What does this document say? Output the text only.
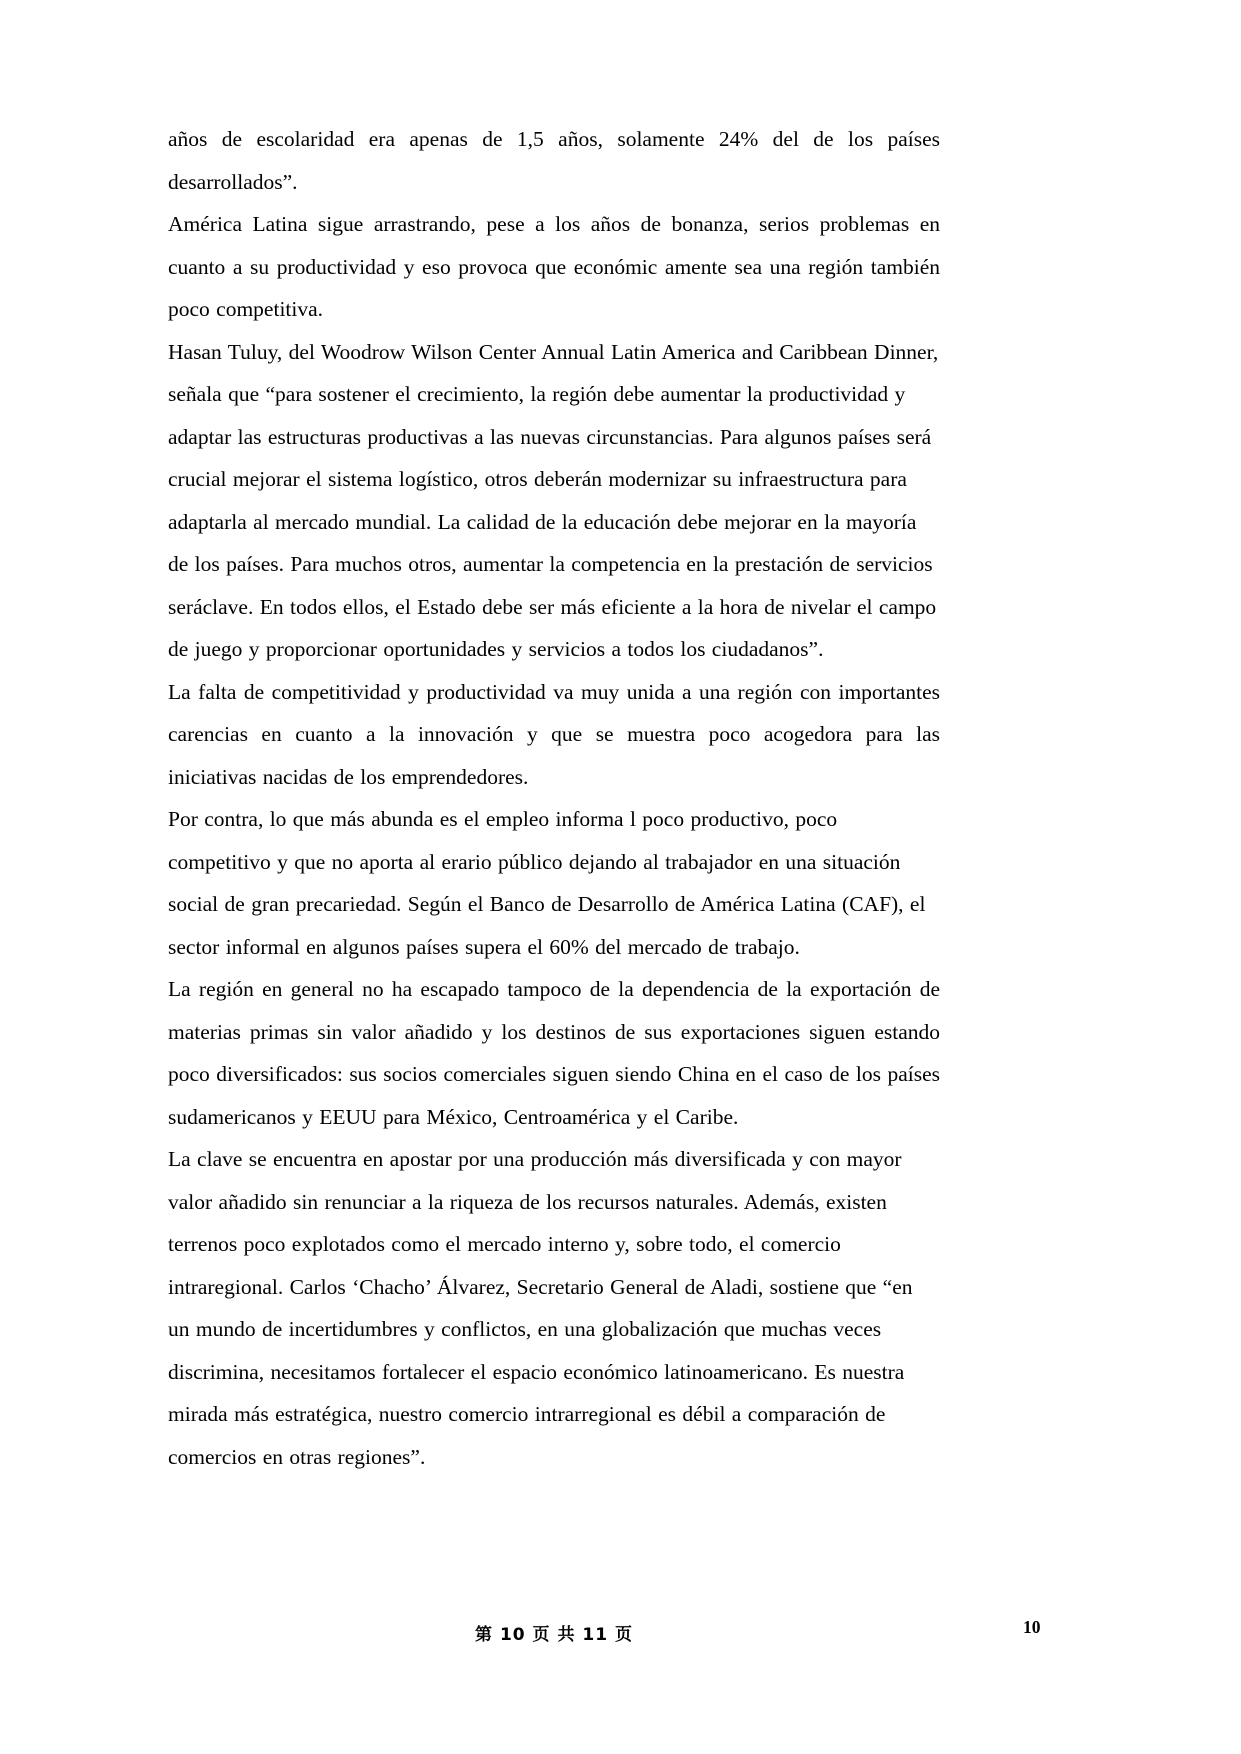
años de escolaridad era apenas de 1,5 años, solamente 24% del de los países desarrollados”.

América Latina sigue arrastrando, pese a los años de bonanza, serios problemas en cuanto a su productividad y eso provoca que económic amente sea una región también poco competitiva.

Hasan Tuluy, del Woodrow Wilson Center Annual Latin America and Caribbean Dinner, señala que “para sostener el crecimiento, la región debe aumentar la productividad y adaptar las estructuras productivas a las nuevas circunstancias. Para algunos países será crucial mejorar el sistema logístico, otros deberán modernizar su infraestructura para adaptarla al mercado mundial. La calidad de la educación debe mejorar en la mayoría de los países. Para muchos otros, aumentar la competencia en la prestación de servicios seráclave. En todos ellos, el Estado debe ser más eficiente a la hora de nivelar el campo de juego y proporcionar oportunidades y servicios a todos los ciudadanos”.

La falta de competitividad y productividad va muy unida a una región con importantes carencias en cuanto a la innovación y que se muestra poco acogedora para las iniciativas nacidas de los emprendedores.

Por contra, lo que más abunda es el empleo informa l poco productivo, poco competitivo y que no aporta al erario público dejando al trabajador en una situación social de gran precariedad. Según el Banco de Desarrollo de América Latina (CAF), el sector informal en algunos países supera el 60% del mercado de trabajo.

La región en general no ha escapado tampoco de la dependencia de la exportación de materias primas sin valor añadido y los destinos de sus exportaciones siguen estando poco diversificados: sus socios comerciales siguen siendo China en el caso de los países sudamericanos y EEUU para México, Centroamérica y el Caribe.

La clave se encuentra en apostar por una producción más diversificada y con mayor valor añadido sin renunciar a la riqueza de los recursos naturales. Además, existen terrenos poco explotados como el mercado interno y, sobre todo, el comercio intraregional. Carlos ‘Chacho’ Álvarez, Secretario General de Aladi, sostiene que “en un mundo de incertidumbres y conflictos, en una globalización que muchas veces discrimina, necesitamos fortalecer el espacio económico latinoamericano. Es nuestra mirada más estratégica, nuestro comercio intrarregional es débil a comparación de comercios en otras regiones”.

第 10 页 共 11 页	10
